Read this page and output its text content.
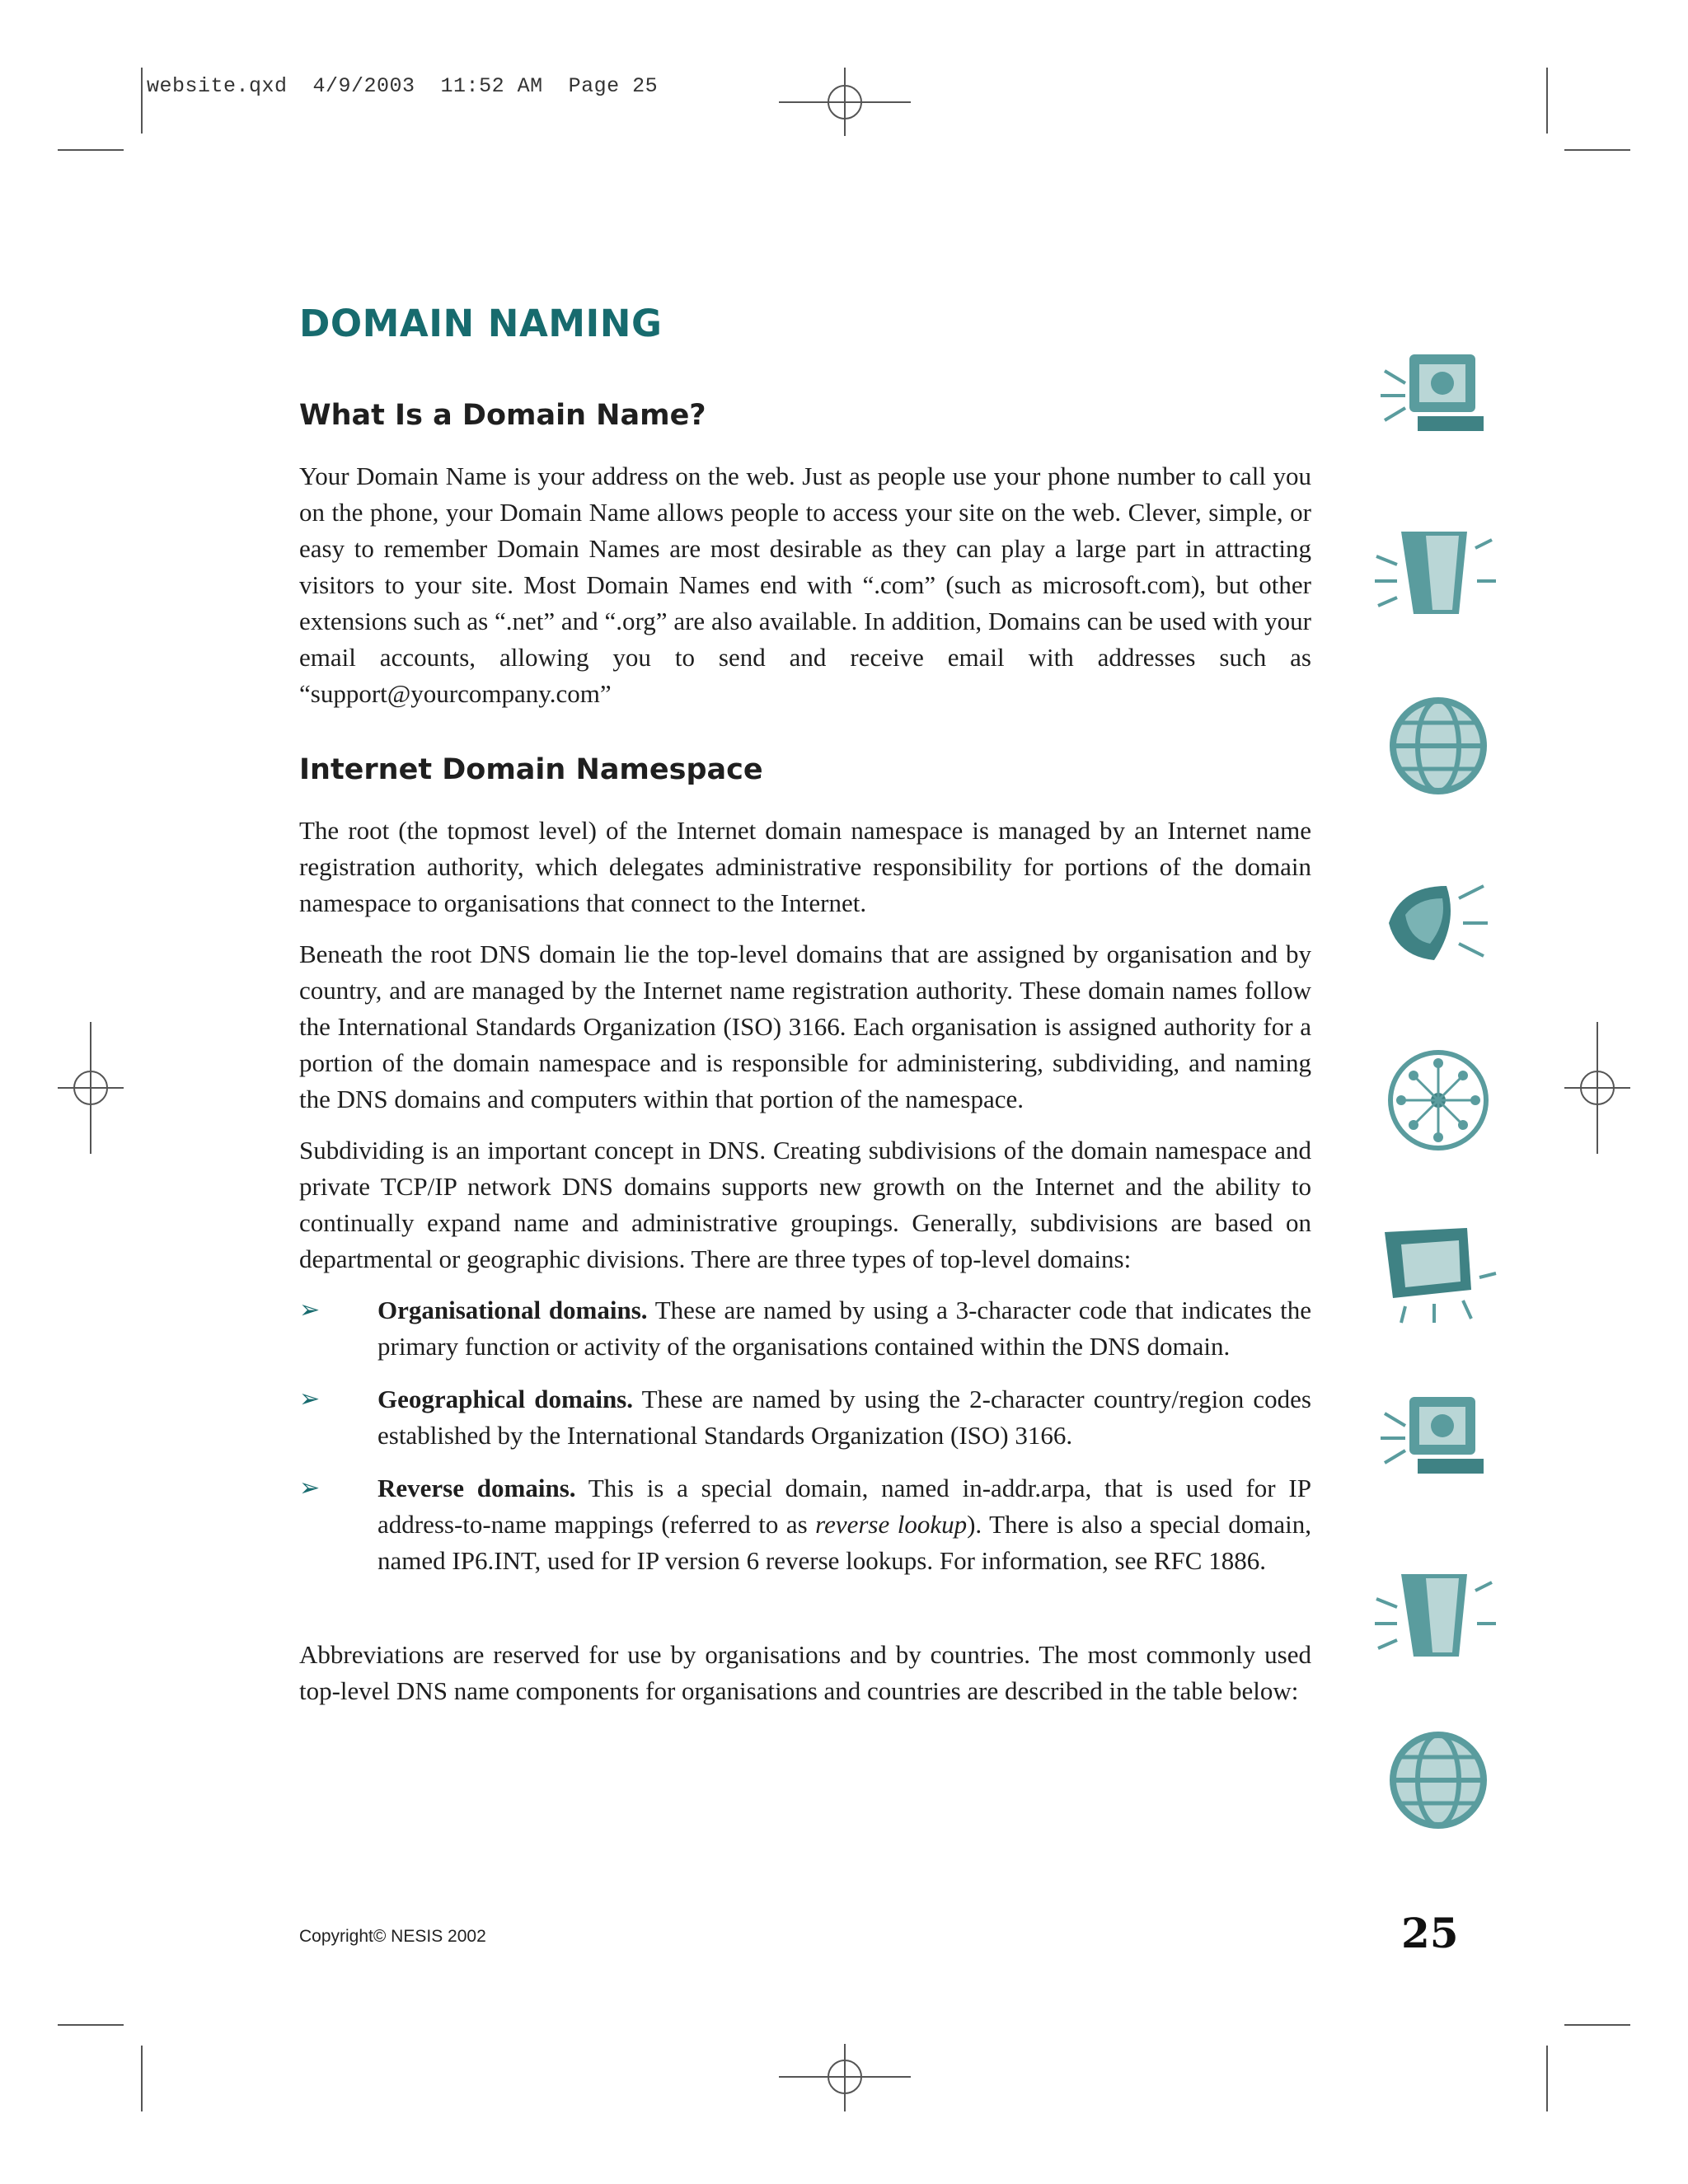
website.qxd  4/9/2003  11:52 AM  Page 25
DOMAIN NAMING
What Is a Domain Name?

Your Domain Name is your address on the web. Just as people use your phone number to call you on the phone, your Domain Name allows people to access your site on the web. Clever, simple, or easy to remember Domain Names are most desirable as they can play a large part in attracting visitors to your site. Most Domain Names end with “.com” (such as microsoft.com), but other extensions such as “.net” and “.org” are also available. In addition, Domains can be used with your email accounts, allowing you to send and receive email with addresses such as “support@yourcompany.com”

Internet Domain Namespace

The root (the topmost level) of the Internet domain namespace is managed by an Internet name registration authority, which delegates administrative responsibility for portions of the domain namespace to organisations that connect to the Internet.

Beneath the root DNS domain lie the top-level domains that are assigned by organisation and by country, and are managed by the Internet name registration authority. These domain names follow the International Standards Organization (ISO) 3166. Each organisation is assigned authority for a portion of the domain namespace and is responsible for administering, subdividing, and naming the DNS domains and computers within that portion of the namespace.

Subdividing is an important concept in DNS. Creating subdivisions of the domain namespace and private TCP/IP network DNS domains supports new growth on the Internet and the ability to continually expand name and administrative groupings. Generally, subdivisions are based on departmental or geographic divisions. There are three types of top-level domains:

➢ Organisational domains. These are named by using a 3-character code that indicates the primary function or activity of the organisations contained within the DNS domain.
➢ Geographical domains. These are named by using the 2-character country/region codes established by the International Standards Organization (ISO) 3166.
➢ Reverse domains. This is a special domain, named in-addr.arpa, that is used for IP address-to-name mappings (referred to as reverse lookup). There is also a special domain, named IP6.INT, used for IP version 6 reverse lookups. For information, see RFC 1886.

Abbreviations are reserved for use by organisations and by countries. The most commonly used top-level DNS name components for organisations and countries are described in the table below:

Copyright© NESIS 2002	25
